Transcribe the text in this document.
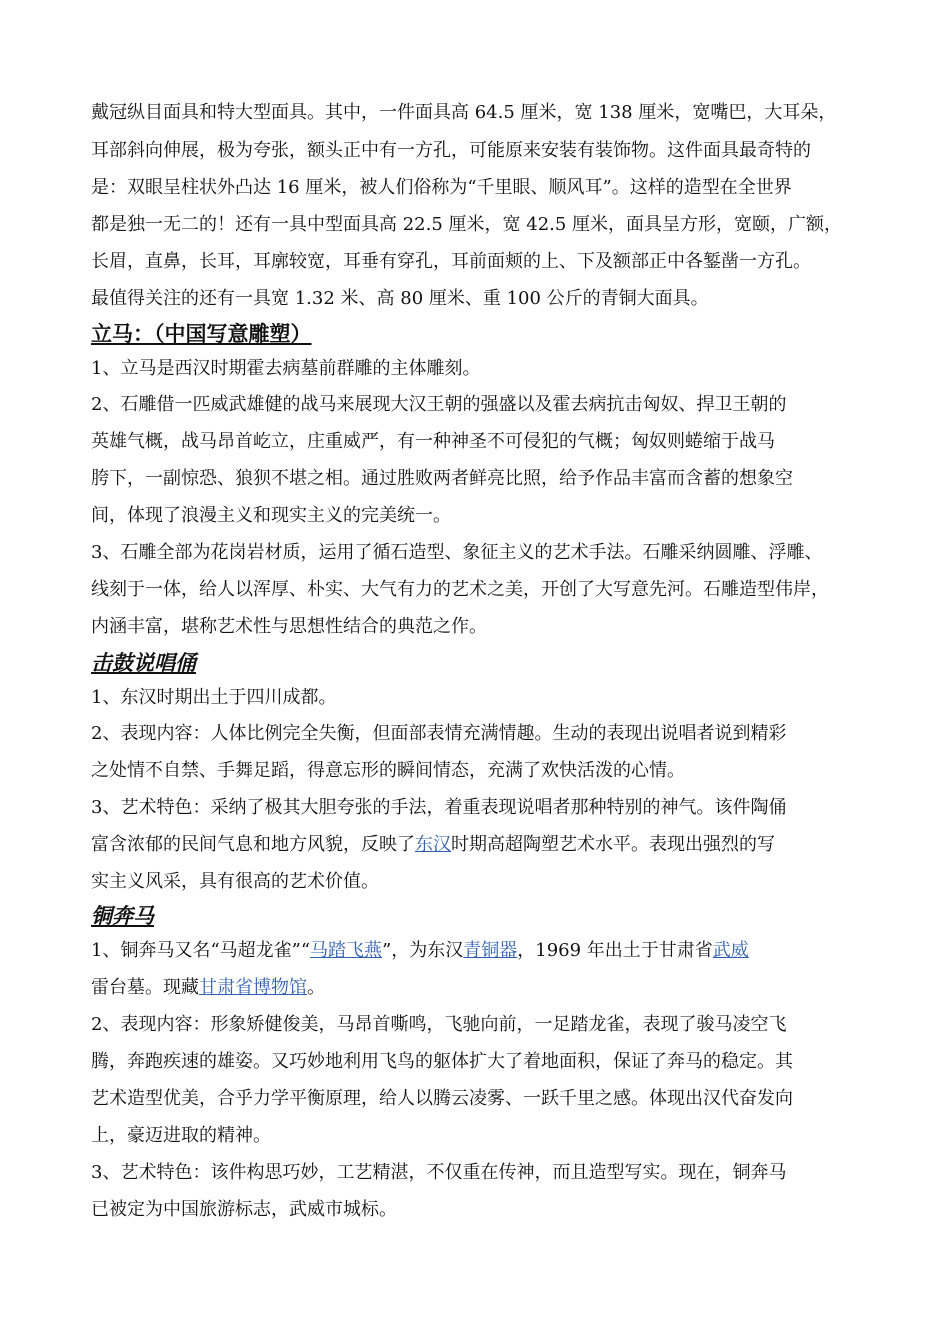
戴冠纵目面具和特大型面具。其中，一件面具高 64.5 厘米，宽 138 厘米，宽嘴巴，大耳朵，
耳部斜向伸展，极为夸张，额头正中有一方孔，可能原来安装有装饰物。这件面具最奇特的
是：双眼呈柱状外凸达 16 厘米，被人们俗称为“千里眼、顺风耳”。这样的造型在全世界
都是独一无二的！还有一具中型面具高 22.5 厘米，宽 42.5 厘米，面具呈方形，宽颐，广额，
长眉，直鼻，长耳，耳廓较宽，耳垂有穿孔，耳前面颊的上、下及额部正中各錾凿一方孔。
最值得关注的还有一具宽 1.32 米、高 80 厘米、重 100 公斤的青铜大面具。
立马：（中国写意雕塑）
1、立马是西汉时期霍去病墓前群雕的主体雕刻。
2、石雕借一匹威武雄健的战马来展现大汉王朝的强盛以及霍去病抗击匈奴、捍卫王朝的
英雄气概，战马昂首屹立，庄重威严，有一种神圣不可侵犯的气概；匈奴则蜷缩于战马
胯下，一副惊恐、狼狈不堪之相。通过胜败两者鲜亮比照，给予作品丰富而含蓄的想象空
间，体现了浪漫主义和现实主义的完美统一。
3、石雕全部为花岗岩材质，运用了循石造型、象征主义的艺术手法。石雕采纳圆雕、浮雕、
线刻于一体，给人以浑厚、朴实、大气有力的艺术之美，开创了大写意先河。石雕造型伟岸，
内涵丰富，堪称艺术性与思想性结合的典范之作。
击鼓说唱俑
1、东汉时期出土于四川成都。
2、表现内容：人体比例完全失衡，但面部表情充满情趣。生动的表现出说唱者说到精彩
之处情不自禁、手舞足蹈，得意忘形的瞬间情态，充满了欢快活泼的心情。
3、艺术特色：采纳了极其大胆夸张的手法，着重表现说唱者那种特别的神气。该件陶俑
富含浓郁的民间气息和地方风貌，反映了东汉时期高超陶塑艺术水平。表现出强烈的写
实主义风采，具有很高的艺术价值。
铜奔马
1、铜奔马又名“马超龙雀”“马踏飞燕”，为东汉青铜器，1969 年出土于甘肃省武威
雷台墓。现藏甘肃省博物馆。
2、表现内容：形象矫健俊美，马昂首嘶鸣，飞驰向前，一足踏龙雀，表现了骏马凌空飞
腾，奔跑疾速的雄姿。又巧妙地利用飞鸟的躯体扩大了着地面积，保证了奔马的稳定。其
艺术造型优美，合乎力学平衡原理，给人以腾云凌雾、一跃千里之感。体现出汉代奋发向
上，豪迈进取的精神。
3、艺术特色：该件构思巧妙，工艺精湛，不仅重在传神，而且造型写实。现在，铜奔马
已被定为中国旅游标志，武威市城标。
